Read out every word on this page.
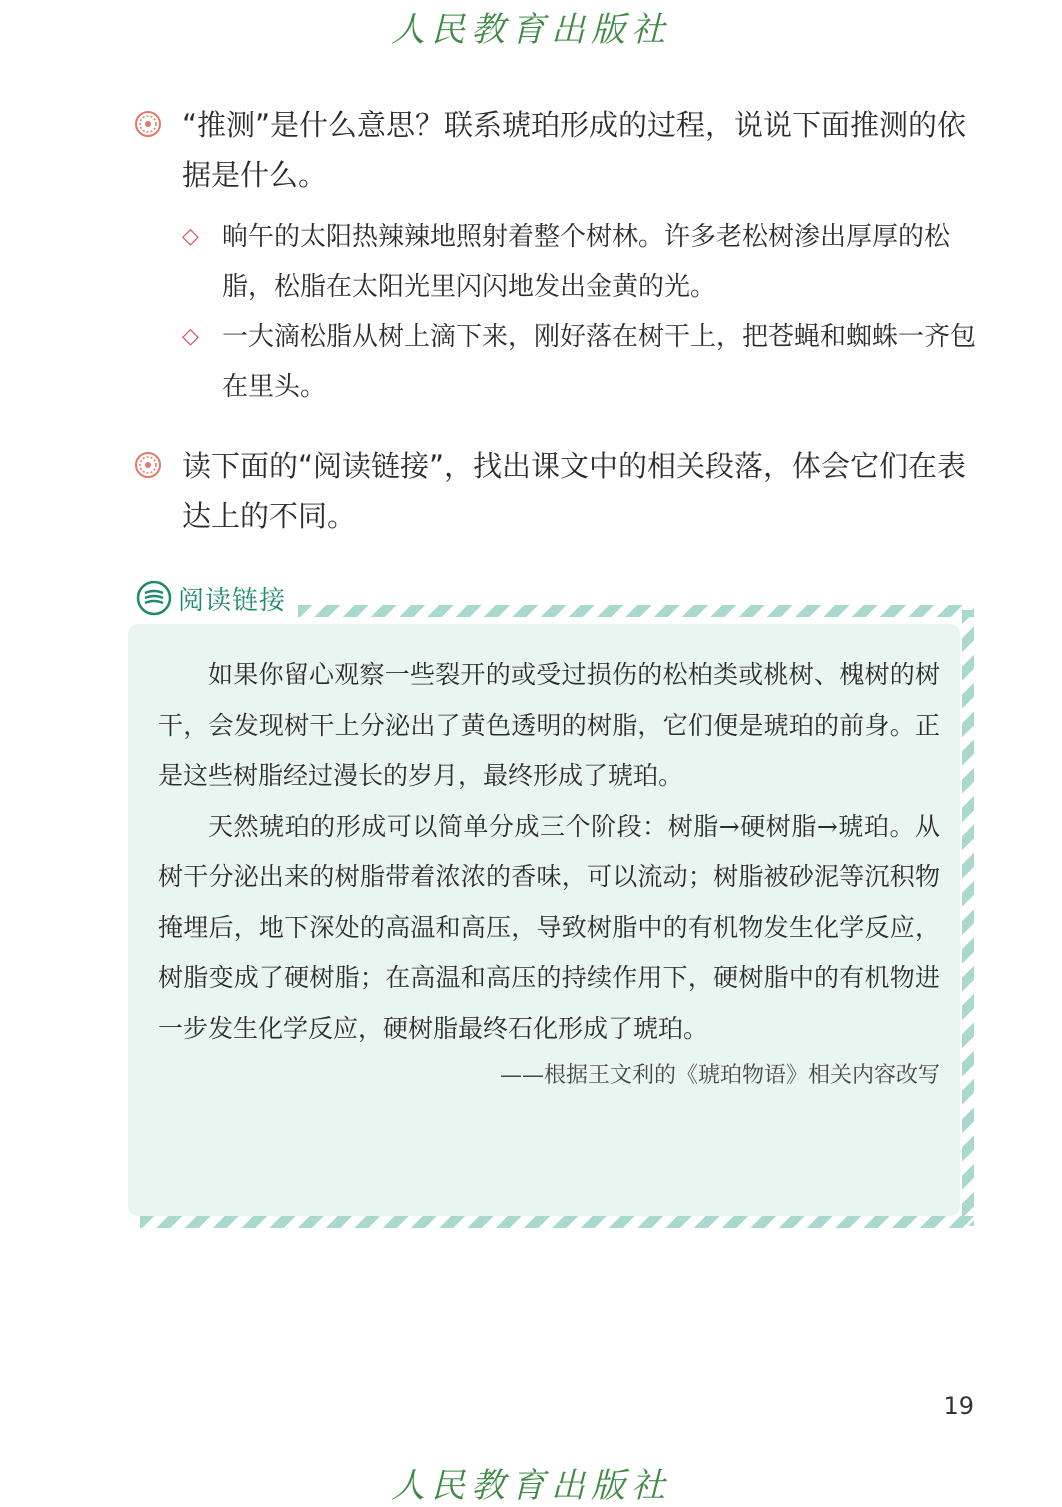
人民教育出版社
“推测”是什么意思？联系琥珀形成的过程，说说下面推测的依据是什么。
◇ 晌午的太阳热辣辣地照射着整个树林。许多老松树渗出厚厚的松脂，松脂在太阳光里闪闪地发出金黄的光。
◇ 一大滴松脂从树上滴下来，刚好落在树干上，把苍蝇和蜘蛛一齐包在里头。
读下面的“阅读链接”，找出课文中的相关段落，体会它们在表达上的不同。
阅读链接

如果你留心观察一些裂开的或受过损伤的松柏类或桃树、槐树的树干，会发现树干上分泌出了黄色透明的树脂，它们便是琥珀的前身。正是这些树脂经过漫长的岁月，最终形成了琥珀。

天然琥珀的形成可以简单分成三个阶段：树脂→硬树脂→琥珀。从树干分泌出来的树脂带着浓浓的香味，可以流动；树脂被砂泥等沉积物掩埋后，地下深处的高温和高压，导致树脂中的有机物发生化学反应，树脂变成了硬树脂；在高温和高压的持续作用下，硬树脂中的有机物进一步发生化学反应，硬树脂最终石化形成了琥珀。

——根据王文利的《琥珀物语》相关内容改写

19
人民教育出版社
